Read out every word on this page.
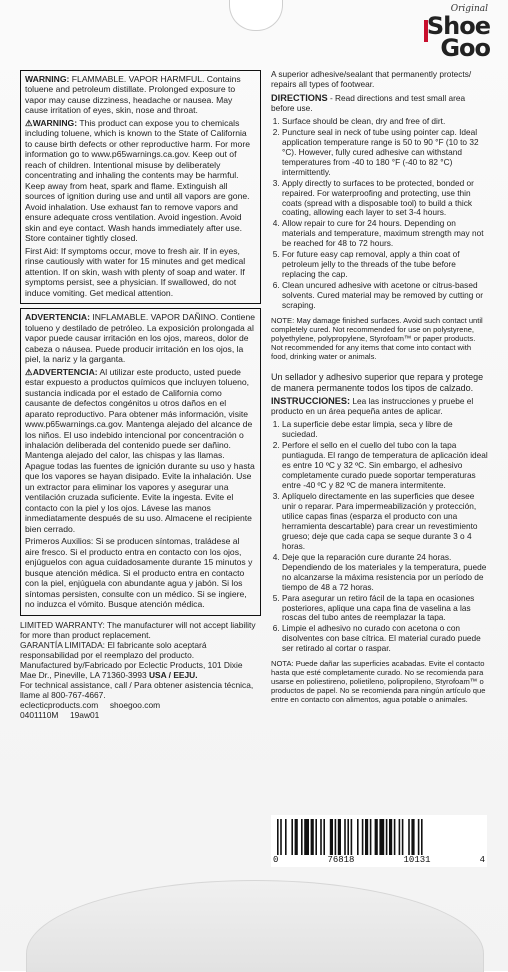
Original
Shoe
Goo

WARNING: FLAMMABLE. VAPOR HARMFUL. Contains toluene and petroleum distillate. Prolonged exposure to vapor may cause dizziness, headache or nausea. May cause irritation of eyes, skin, nose and throat.

⚠WARNING: This product can expose you to chemicals including toluene, which is known to the State of California to cause birth defects or other reproductive harm. For more information go to www.p65warnings.ca.gov. Keep out of reach of children. Intentional misuse by deliberately concentrating and inhaling the contents may be harmful. Keep away from heat, spark and flame. Extinguish all sources of ignition during use and until all vapors are gone. Avoid inhalation. Use exhaust fan to remove vapors and ensure adequate cross ventilation. Avoid ingestion. Avoid skin and eye contact. Wash hands immediately after use. Store container tightly closed.

First Aid: If symptoms occur, move to fresh air. If in eyes, rinse cautiously with water for 15 minutes and get medical attention. If on skin, wash with plenty of soap and water. If symptoms persist, see a physician. If swallowed, do not induce vomiting. Get medical attention.

ADVERTENCIA: INFLAMABLE. VAPOR DAÑINO. Contiene tolueno y destilado de petróleo. La exposición prolongada al vapor puede causar irritación en los ojos, mareos, dolor de cabeza o náusea. Puede producir irritación en los ojos, la piel, la nariz y la garganta.

⚠ADVERTENCIA: Al utilizar este producto, usted puede estar expuesto a productos químicos que incluyen tolueno, sustancia indicada por el estado de California como causante de defectos congénitos u otros daños en el aparato reproductivo. Para obtener más información, visite www.p65warnings.ca.gov. Mantenga alejado del alcance de los niños. El uso indebido intencional por concentración o inhalación deliberada del contenido puede ser dañino. Mantenga alejado del calor, las chispas y las llamas. Apague todas las fuentes de ignición durante su uso y hasta que los vapores se hayan disipado. Evite la inhalación. Use un extractor para eliminar los vapores y asegurar una ventilación cruzada suficiente. Evite la ingesta. Evite el contacto con la piel y los ojos. Lávese las manos inmediatamente después de su uso. Almacene el recipiente bien cerrado.

Primeros Auxilios: Si se producen síntomas, traládese al aire fresco. Si el producto entra en contacto con los ojos, enjúguelos con agua cuidadosamente durante 15 minutos y busque atención médica. Si el producto entra en contacto con la piel, enjúguela con abundante agua y jabón. Si los síntomas persisten, consulte con un médico. Si se ingiere, no induzca el vómito. Busque atención médica.

LIMITED WARRANTY: The manufacturer will not accept liability for more than product replacement.

GARANTÍA LIMITADA: El fabricante solo aceptará responsabilidad por el reemplazo del producto.

Manufactured by/Fabricado por Eclectic Products, 101 Dixie Mae Dr., Pineville, LA 71360-3993 USA / EEJU.

For technical assistance, call / Para obtener asistencia técnica, llame al 800-767-4667.

eclecticproducts.com     shoegoo.com

0401110M     19aw01

A superior adhesive/sealant that permanently protects/ repairs all types of footwear.

DIRECTIONS - Read directions and test small area before use.

1. Surface should be clean, dry and free of dirt.
2. Puncture seal in neck of tube using pointer cap. Ideal application temperature range is 50 to 90 °F (10 to 32 °C). However, fully cured adhesive can withstand temperatures from -40 to 180 °F (-40 to 82 °C) intermittently.
3. Apply directly to surfaces to be protected, bonded or repaired. For waterproofing and protecting, use thin coats (spread with a disposable tool) to build a thick coating, allowing each layer to set 3-4 hours.
4. Allow repair to cure for 24 hours. Depending on materials and temperature, maximum strength may not be reached for 48 to 72 hours.
5. For future easy cap removal, apply a thin coat of petroleum jelly to the threads of the tube before replacing the cap.
6. Clean uncured adhesive with acetone or citrus-based solvents. Cured material may be removed by cutting or scraping.

NOTE: May damage finished surfaces. Avoid such contact until completely cured. Not recommended for use on polystyrene, polyethylene, polypropylene, Styrofoam™ or paper products. Not recommended for any items that come into contact with food, drinking water or animals.

Un sellador y adhesivo superior que repara y protege de manera permanente todos los tipos de calzado.

INSTRUCCIONES: Lea las instrucciones y pruebe el producto en un área pequeña antes de aplicar.

1. La superficie debe estar limpia, seca y libre de suciedad.
2. Perfore el sello en el cuello del tubo con la tapa puntiaguda. El rango de temperatura de aplicación ideal es entre 10 ºC y 32 ºC. Sin embargo, el adhesivo completamente curado puede soportar temperaturas entre -40 ºC y 82 ºC de manera intermitente.
3. Aplíquelo directamente en las superficies que desee unir o reparar. Para impermeabilización y protección, utilice capas finas (esparza el producto con una herramienta descartable) para crear un revestimiento grueso; deje que cada capa se seque durante 3 o 4 horas.
4. Deje que la reparación cure durante 24 horas. Dependiendo de los materiales y la temperatura, puede no alcanzarse la máxima resistencia por un período de tiempo de 48 a 72 horas.
5. Para asegurar un retiro fácil de la tapa en ocasiones posteriores, aplique una capa fina de vaselina a las roscas del tubo antes de reemplazar la tapa.
6. Limpie el adhesivo no curado con acetona o con disolventes con base cítrica. El material curado puede ser retirado al cortar o raspar.

NOTA: Puede dañar las superficies acabadas. Evite el contacto hasta que esté completamente curado. No se recomienda para usarse en poliestireno, polietileno, polipropileno, Styrofoam™ o productos de papel. No se recomienda para ningún artículo que entre en contacto con alimentos, agua potable o animales.

0	76818	10131	4
